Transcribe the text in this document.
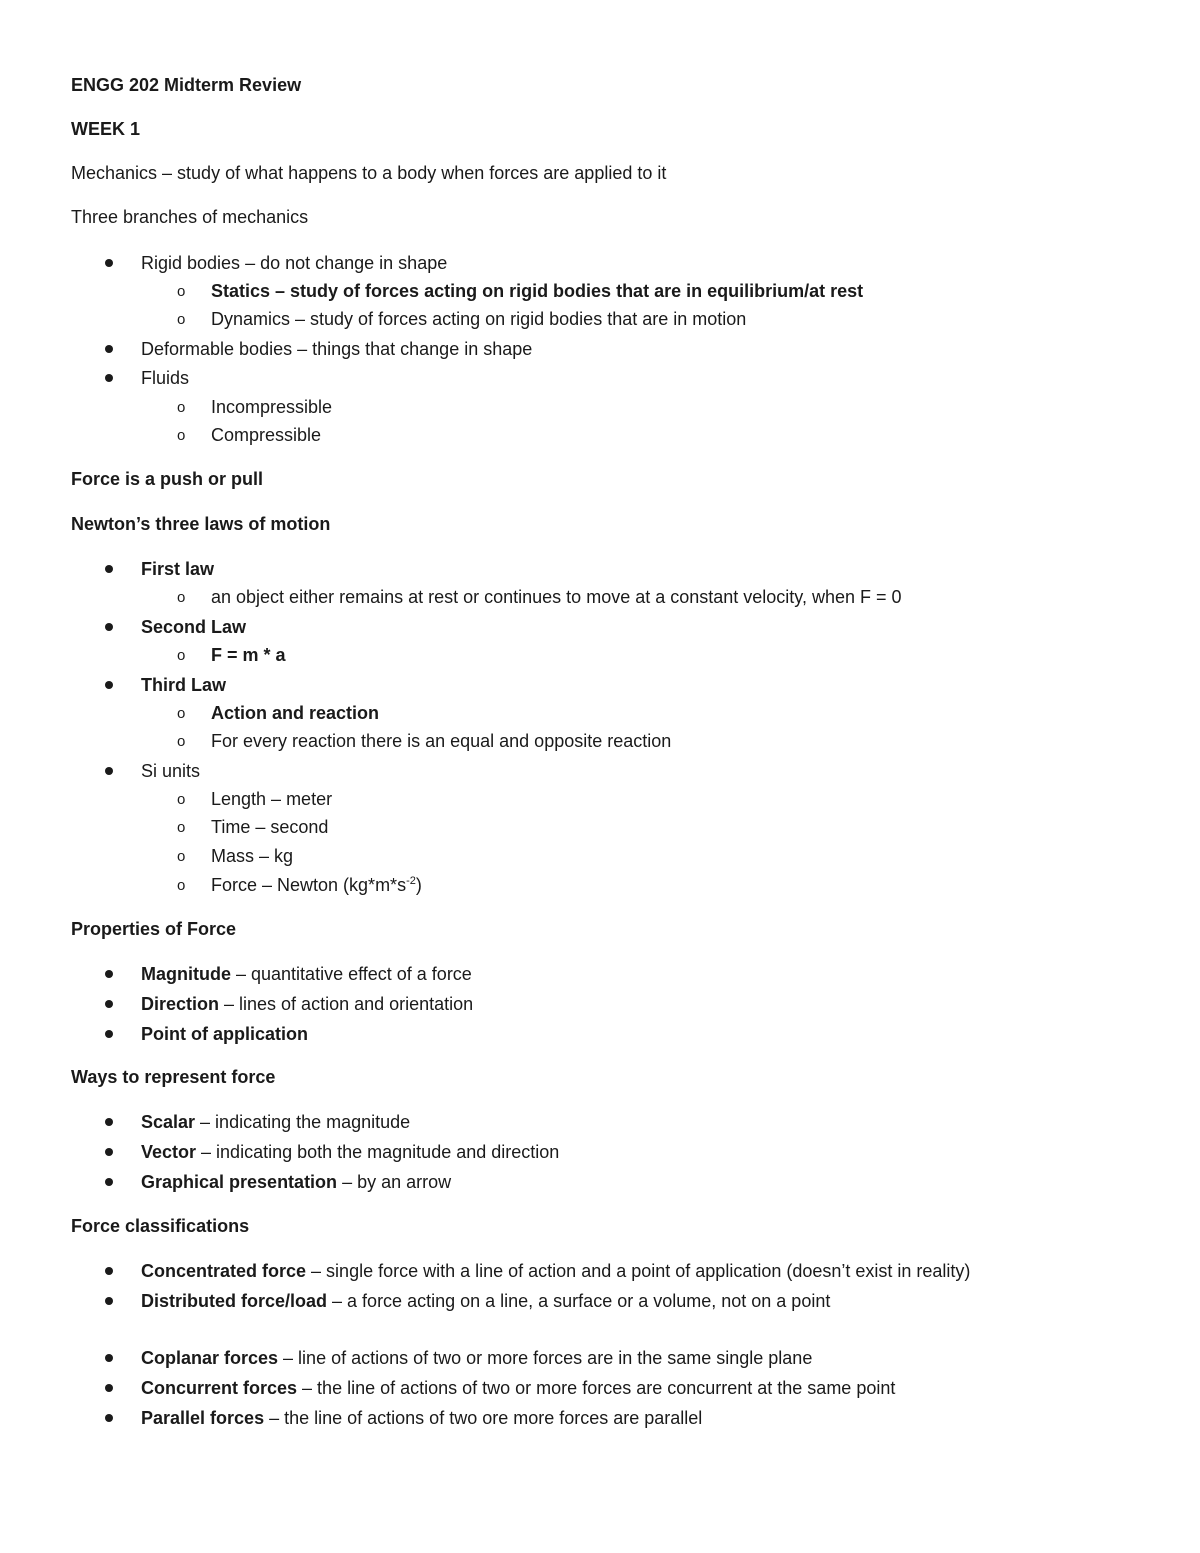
ENGG 202 Midterm Review
WEEK 1
Mechanics – study of what happens to a body when forces are applied to it
Three branches of mechanics
Rigid bodies – do not change in shape
o Statics – study of forces acting on rigid bodies that are in equilibrium/at rest
o Dynamics – study of forces acting on rigid bodies that are in motion
Deformable bodies – things that change in shape
Fluids
o Incompressible
o Compressible
Force is a push or pull
Newton’s three laws of motion
First law
o an object either remains at rest or continues to move at a constant velocity, when F = 0
Second Law
o F = m * a
Third Law
o Action and reaction
o For every reaction there is an equal and opposite reaction
Si units
o Length – meter
o Time – second
o Mass – kg
o Force – Newton $(kg*m*s^{-2})$
Properties of Force
Magnitude – quantitative effect of a force
Direction – lines of action and orientation
Point of application
Ways to represent force
Scalar – indicating the magnitude
Vector – indicating both the magnitude and direction
Graphical presentation – by an arrow
Force classifications
Concentrated force – single force with a line of action and a point of application (doesn’t exist in reality)
Distributed force/load – a force acting on a line, a surface or a volume, not on a point
Coplanar forces – line of actions of two or more forces are in the same single plane
Concurrent forces – the line of actions of two or more forces are concurrent at the same point
Parallel forces – the line of actions of two ore more forces are parallel
